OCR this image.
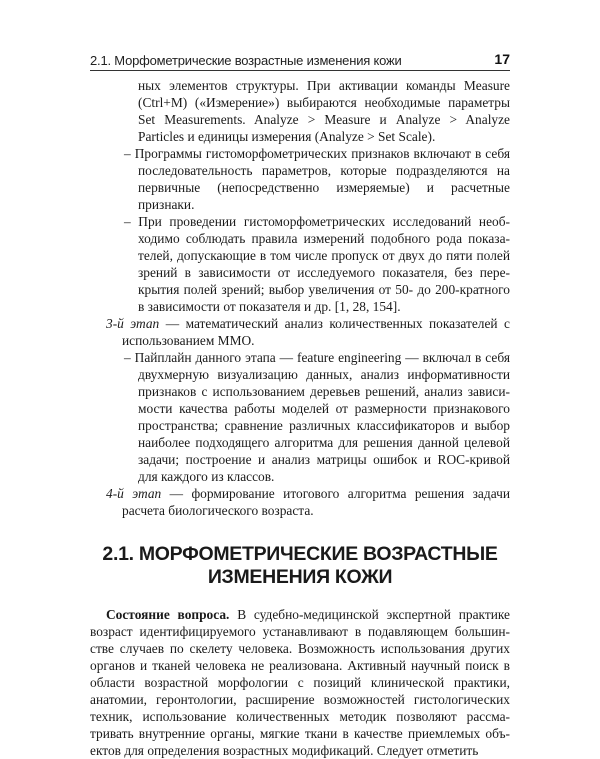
2.1. Морфометрические возрастные изменения кожи	17

ных элементов структуры. При активации команды Measure (Ctrl+M) («Измерение») выбираются необходимые параметры Set Measurements. Analyze > Measure и Analyze > Analyze Particles и единицы измерения (Analyze > Set Scale).

– Программы гистоморфометрических признаков включают в себя последовательность параметров, которые подразделяются на первичные (непосредственно измеряемые) и расчетные признаки.

– При проведении гистоморфометрических исследований необходимо соблюдать правила измерений подобного рода показателей, допускающие в том числе пропуск от двух до пяти полей зрений в зависимости от исследуемого показателя, без перекрытия полей зрений; выбор увеличения от 50- до 200-кратного в зависимости от показателя и др. [1, 28, 154].

3-й этап — математический анализ количественных показателей с использованием ММО.

– Пайплайн данного этапа — feature engineering — включал в себя двухмерную визуализацию данных, анализ информативности признаков с использованием деревьев решений, анализ зависимости качества работы моделей от размерности признакового пространства; сравнение различных классификаторов и выбор наиболее подходящего алгоритма для решения данной целевой задачи; построение и анализ матрицы ошибок и ROC-кривой для каждого из классов.

4-й этап — формирование итогового алгоритма решения задачи расчета биологического возраста.

2.1. МОРФОМЕТРИЧЕСКИЕ ВОЗРАСТНЫЕ ИЗМЕНЕНИЯ КОЖИ

Состояние вопроса. В судебно-медицинской экспертной практике возраст идентифицируемого устанавливают в подавляющем большинстве случаев по скелету человека. Возможность использования других органов и тканей человека не реализована. Активный научный поиск в области возрастной морфологии с позиций клинической практики, анатомии, геронтологии, расширение возможностей гистологических техник, использование количественных методик позволяют рассматривать внутренние органы, мягкие ткани в качестве приемлемых объектов для определения возрастных модификаций. Следует отметить
